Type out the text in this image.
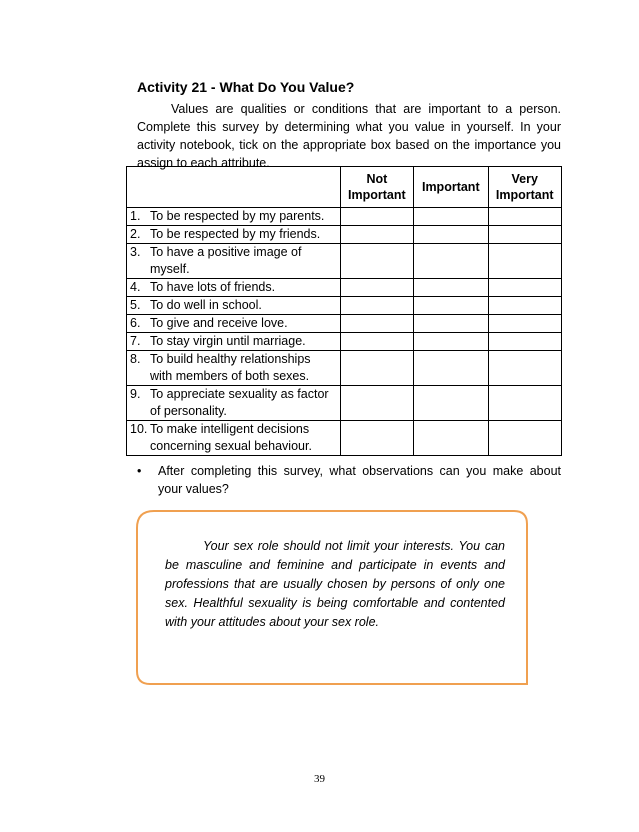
Activity 21 - What Do You Value?
Values are qualities or conditions that are important to a person. Complete this survey by determining what you value in yourself. In your activity notebook, tick on the appropriate box based on the importance you assign to each attribute.
	Not Important	Important	Very Important
1. To be respected by my parents.			
2. To be respected by my friends.			
3. To have a positive image of
myself.			

4. To have lots of friends.			
5. To do well in school.			
6. To give and receive love.			
7. To stay virgin until marriage.			
8. To build healthy relationships
with members of both sexes.			

9. To appreciate sexuality as factor
of personality.			

10. To make intelligent decisions
concerning sexual behaviour.			

• After completing this survey, what observations can you make about your values?
Your sex role should not limit your interests. You can be masculine and feminine and participate in events and professions that are usually chosen by persons of only one sex. Healthful sexuality is being comfortable and contented with your attitudes about your sex role.
39
